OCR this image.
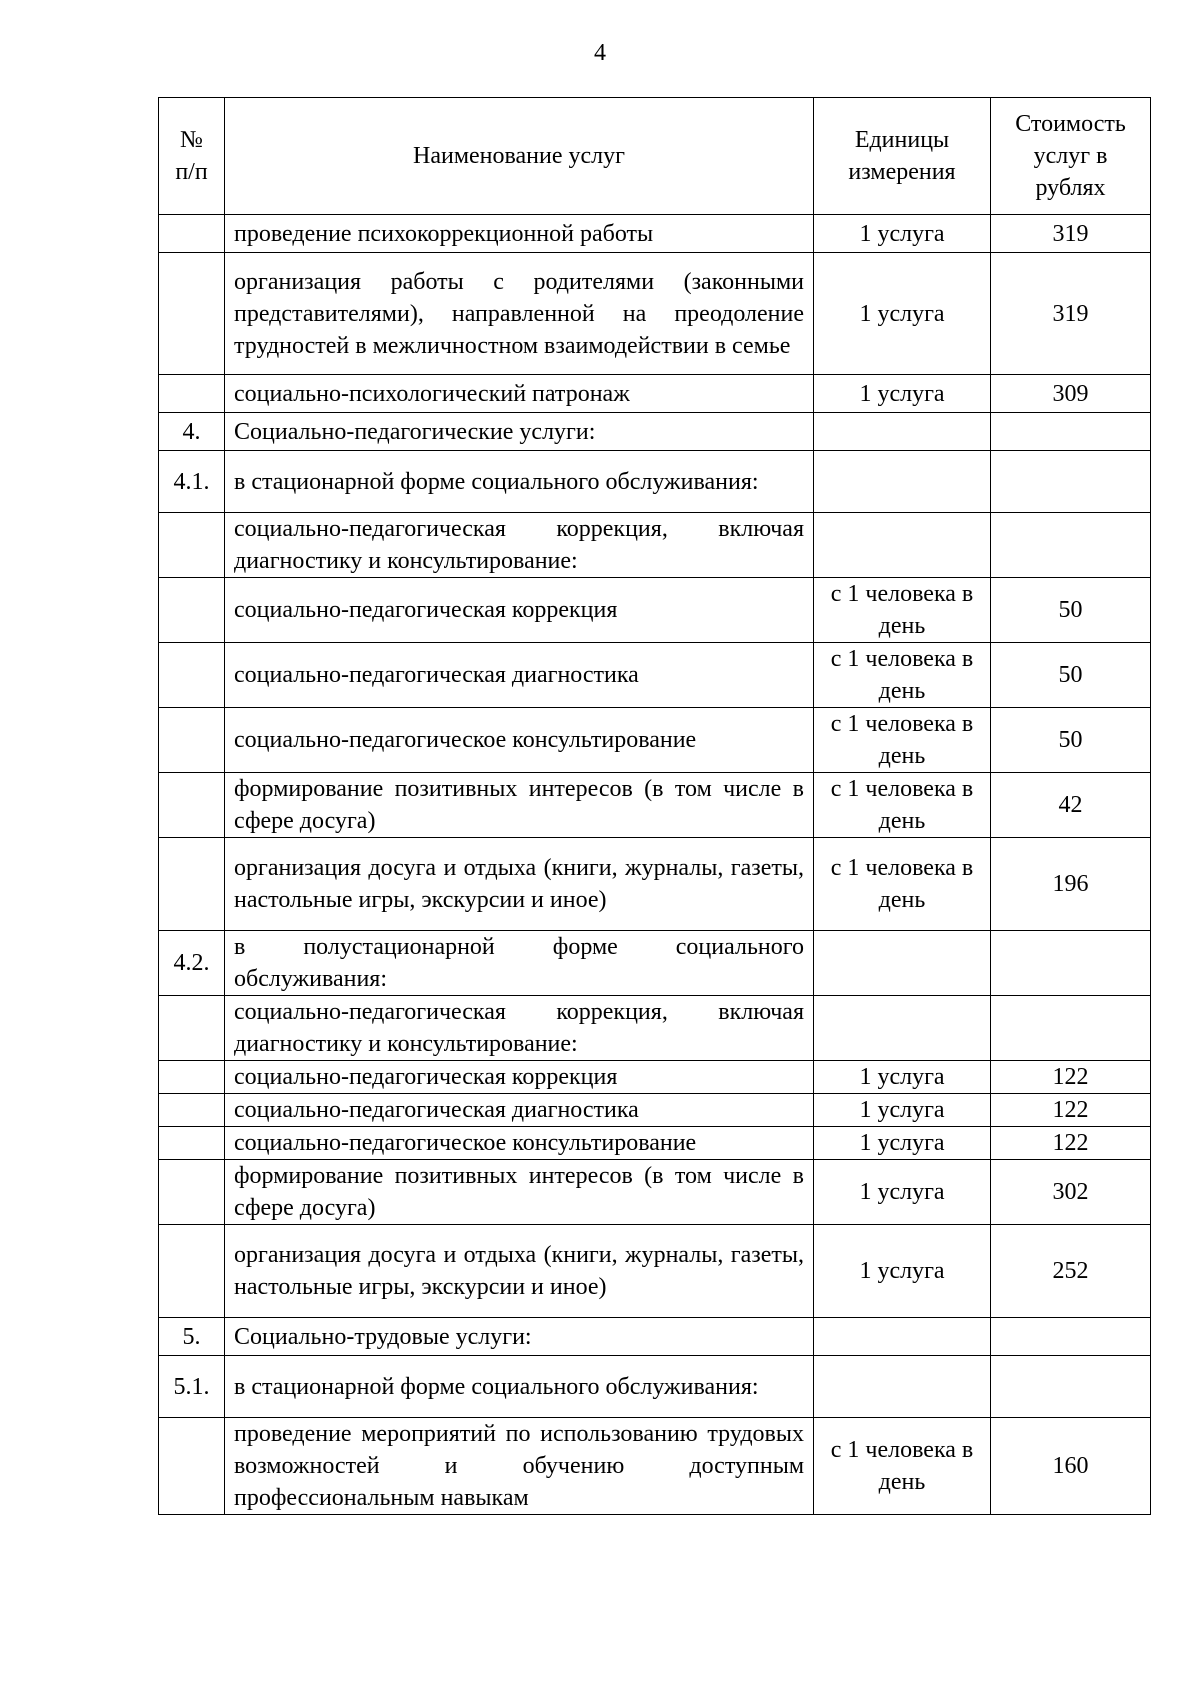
4
№ п/п	Наименование услуг	Единицы измерения	Стоимость услуг в рублях
	проведение психокоррекционной работы	1 услуга	319
	организация работы с родителями (законными представителями), направленной на преодоление трудностей в межличностном взаимодействии в семье	1 услуга	319
	социально-психологический патронаж	1 услуга	309
4.	Социально-педагогические услуги:		
4.1.	в стационарной форме социального обслуживания:		
	социально-педагогическая коррекция, включая диагностику и консультирование:		
	социально-педагогическая коррекция	с 1 человека в день	50
	социально-педагогическая диагностика	с 1 человека в день	50
	социально-педагогическое консультирование	с 1 человека в день	50
	формирование позитивных интересов (в том числе в сфере досуга)	с 1 человека в день	42
	организация досуга и отдыха (книги, журналы, газеты, настольные игры, экскурсии и иное)	с 1 человека в день	196
4.2.	в полустационарной форме социального обслуживания:		
	социально-педагогическая коррекция, включая диагностику и консультирование:		
	социально-педагогическая коррекция	1 услуга	122
	социально-педагогическая диагностика	1 услуга	122
	социально-педагогическое консультирование	1 услуга	122
	формирование позитивных интересов (в том числе в сфере досуга)	1 услуга	302
	организация досуга и отдыха (книги, журналы, газеты, настольные игры, экскурсии и иное)	1 услуга	252
5.	Социально-трудовые услуги:		
5.1.	в стационарной форме социального обслуживания:		
	проведение мероприятий по использованию трудовых возможностей и обучению доступным профессиональным навыкам	с 1 человека в день	160
